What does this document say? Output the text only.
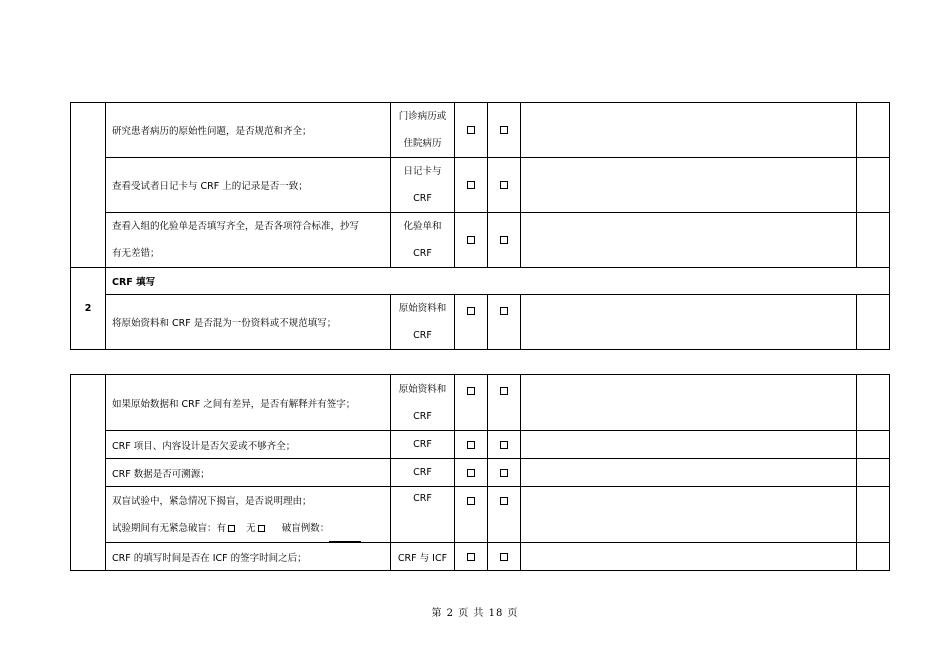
	研究患者病历的原始性问题，是否规范和齐全；	门诊病历或
住院病历				

	查看受试者日记卡与 CRF 上的记录是否一致；	日记卡与
CRF				

	查看入组的化验单是否填写齐全，是否各项符合标准，抄写
有无差错；	化验单和
CRF				

2	CRF 填写					
	将原始资料和 CRF 是否混为一份资料或不规范填写；	原始资料和
CRF				

	如果原始数据和 CRF 之间有差异，是否有解释并有签字；	原始资料和
CRF				

	CRF 项目、内容设计是否欠妥或不够齐全；	CRF				
	CRF 数据是否可溯源；	CRF				

	双盲试验中，紧急情况下揭盲，是否说明理由；
试验期间有无紧急破盲：有 无 破盲例数：	CRF				
	CRF 的填写时间是否在 ICF 的签字时间之后；	CRF 与 ICF				
第 2 页 共 18 页
